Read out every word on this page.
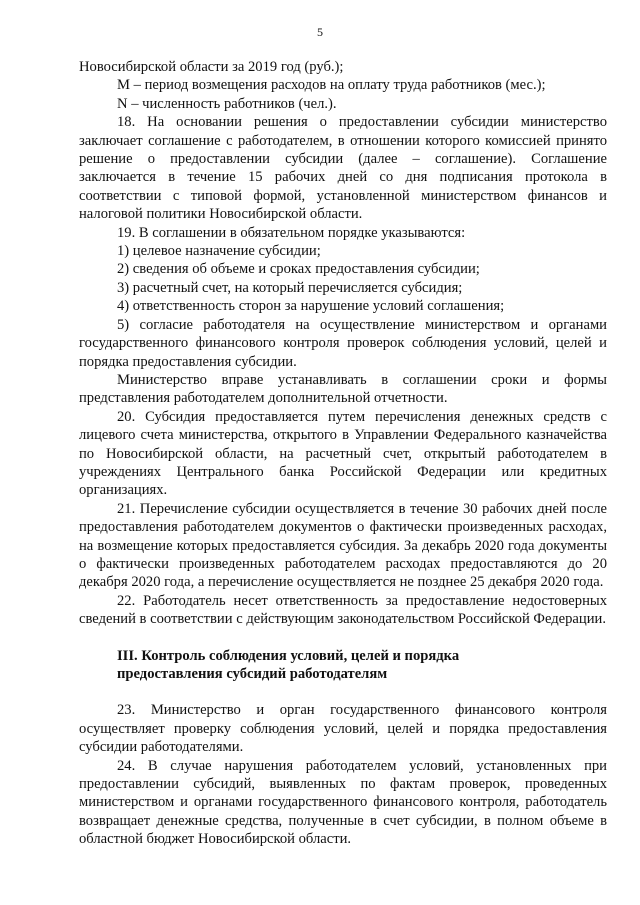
5

Новосибирской области за 2019 год (руб.);

М – период возмещения расходов на оплату труда работников (мес.);

N – численность работников (чел.).

18. На основании решения о предоставлении субсидии министерство заключает соглашение с работодателем, в отношении которого комиссией принято решение о предоставлении субсидии (далее – соглашение). Соглашение заключается в течение 15 рабочих дней со дня подписания протокола в соответствии с типовой формой, установленной министерством финансов и налоговой политики Новосибирской области.

19. В соглашении в обязательном порядке указываются:

1) целевое назначение субсидии;

2) сведения об объеме и сроках предоставления субсидии;

3) расчетный счет, на который перечисляется субсидия;

4) ответственность сторон за нарушение условий соглашения;

5) согласие работодателя на осуществление министерством и органами государственного финансового контроля проверок соблюдения условий, целей и порядка предоставления субсидии.

Министерство вправе устанавливать в соглашении сроки и формы представления работодателем дополнительной отчетности.

20. Субсидия предоставляется путем перечисления денежных средств с лицевого счета министерства, открытого в Управлении Федерального казначейства по Новосибирской области, на расчетный счет, открытый работодателем в учреждениях Центрального банка Российской Федерации или кредитных организациях.

21. Перечисление субсидии осуществляется в течение 30 рабочих дней после предоставления работодателем документов о фактически произведенных расходах, на возмещение которых предоставляется субсидия. За декабрь 2020 года документы о фактически произведенных работодателем расходах предоставляются до 20 декабря 2020 года, а перечисление осуществляется не позднее 25 декабря 2020 года.

22. Работодатель несет ответственность за предоставление недостоверных сведений в соответствии с действующим законодательством Российской Федерации.

III. Контроль соблюдения условий, целей и порядка

предоставления субсидий работодателям

23. Министерство и орган государственного финансового контроля осуществляет проверку соблюдения условий, целей и порядка предоставления субсидии работодателями.

24. В случае нарушения работодателем условий, установленных при предоставлении субсидий, выявленных по фактам проверок, проведенных министерством и органами государственного финансового контроля, работодатель возвращает денежные средства, полученные в счет субсидии, в полном объеме в областной бюджет Новосибирской области.
